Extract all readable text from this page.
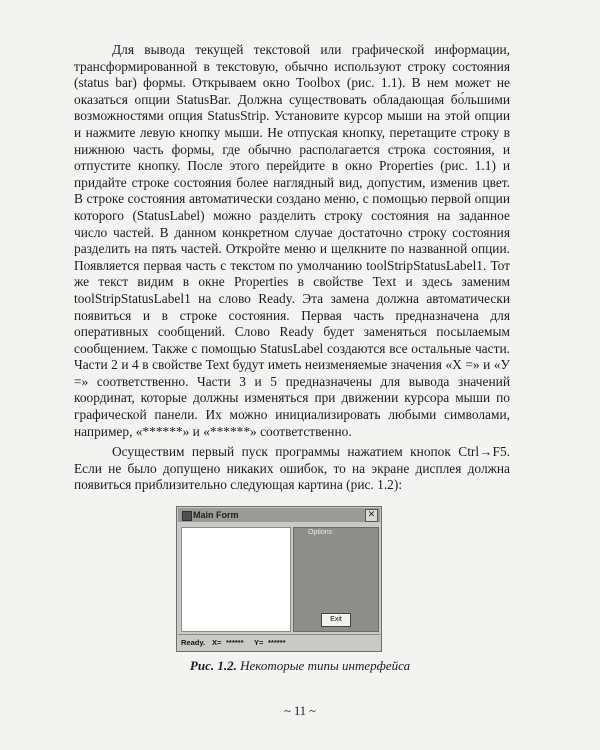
Для вывода текущей текстовой или графической информации, трансформированной в текстовую, обычно используют строку состояния (status bar) формы. Открываем окно Toolbox (рис. 1.1). В нем может не оказаться опции StatusBar. Должна существовать обладающая бо́льшими возможностями опция StatusStrip. Установите курсор мыши на этой опции и нажмите левую кнопку мыши. Не отпуская кнопку, перетащите строку в нижнюю часть формы, где обычно располагается строка состояния, и отпустите кнопку. После этого перейдите в окно Properties (рис. 1.1) и придайте строке состояния более наглядный вид, допустим, изменив цвет. В строке состояния автоматически создано меню, с помощью первой опции которого (StatusLabel) можно разделить строку состояния на заданное число частей. В данном конкретном случае достаточно строку состояния разделить на пять частей. Откройте меню и щелкните по названной опции. Появляется первая часть с текстом по умолчанию toolStripStatusLabel1. Тот же текст видим в окне Properties в свойстве Text и здесь заменим toolStripStatusLabel1 на слово Ready. Эта замена должна автоматически появиться и в строке состояния. Первая часть предназначена для оперативных сообщений. Слово Ready будет заменяться посылаемым сообщением. Также с помощью StatusLabel создаются все остальные части. Части 2 и 4 в свойстве Text будут иметь неизменяемые значения «X =» и «У =» соответственно. Части 3 и 5 предназначены для вывода значений координат, которые должны изменяться при движении курсора мыши по графической панели. Их можно инициализировать любыми символами, например, «******» и «******» соответственно.

Осуществим первый пуск программы нажатием кнопок Ctrl→F5. Если не было допущено никаких ошибок, то на экране дисплея должна появиться приблизительно следующая картина (рис. 1.2):

Main Form	✕
Options
Exit
Ready. X= ****** Y= ******
Рис. 1.2. Некоторые типы интерфейса
~ 11 ~
